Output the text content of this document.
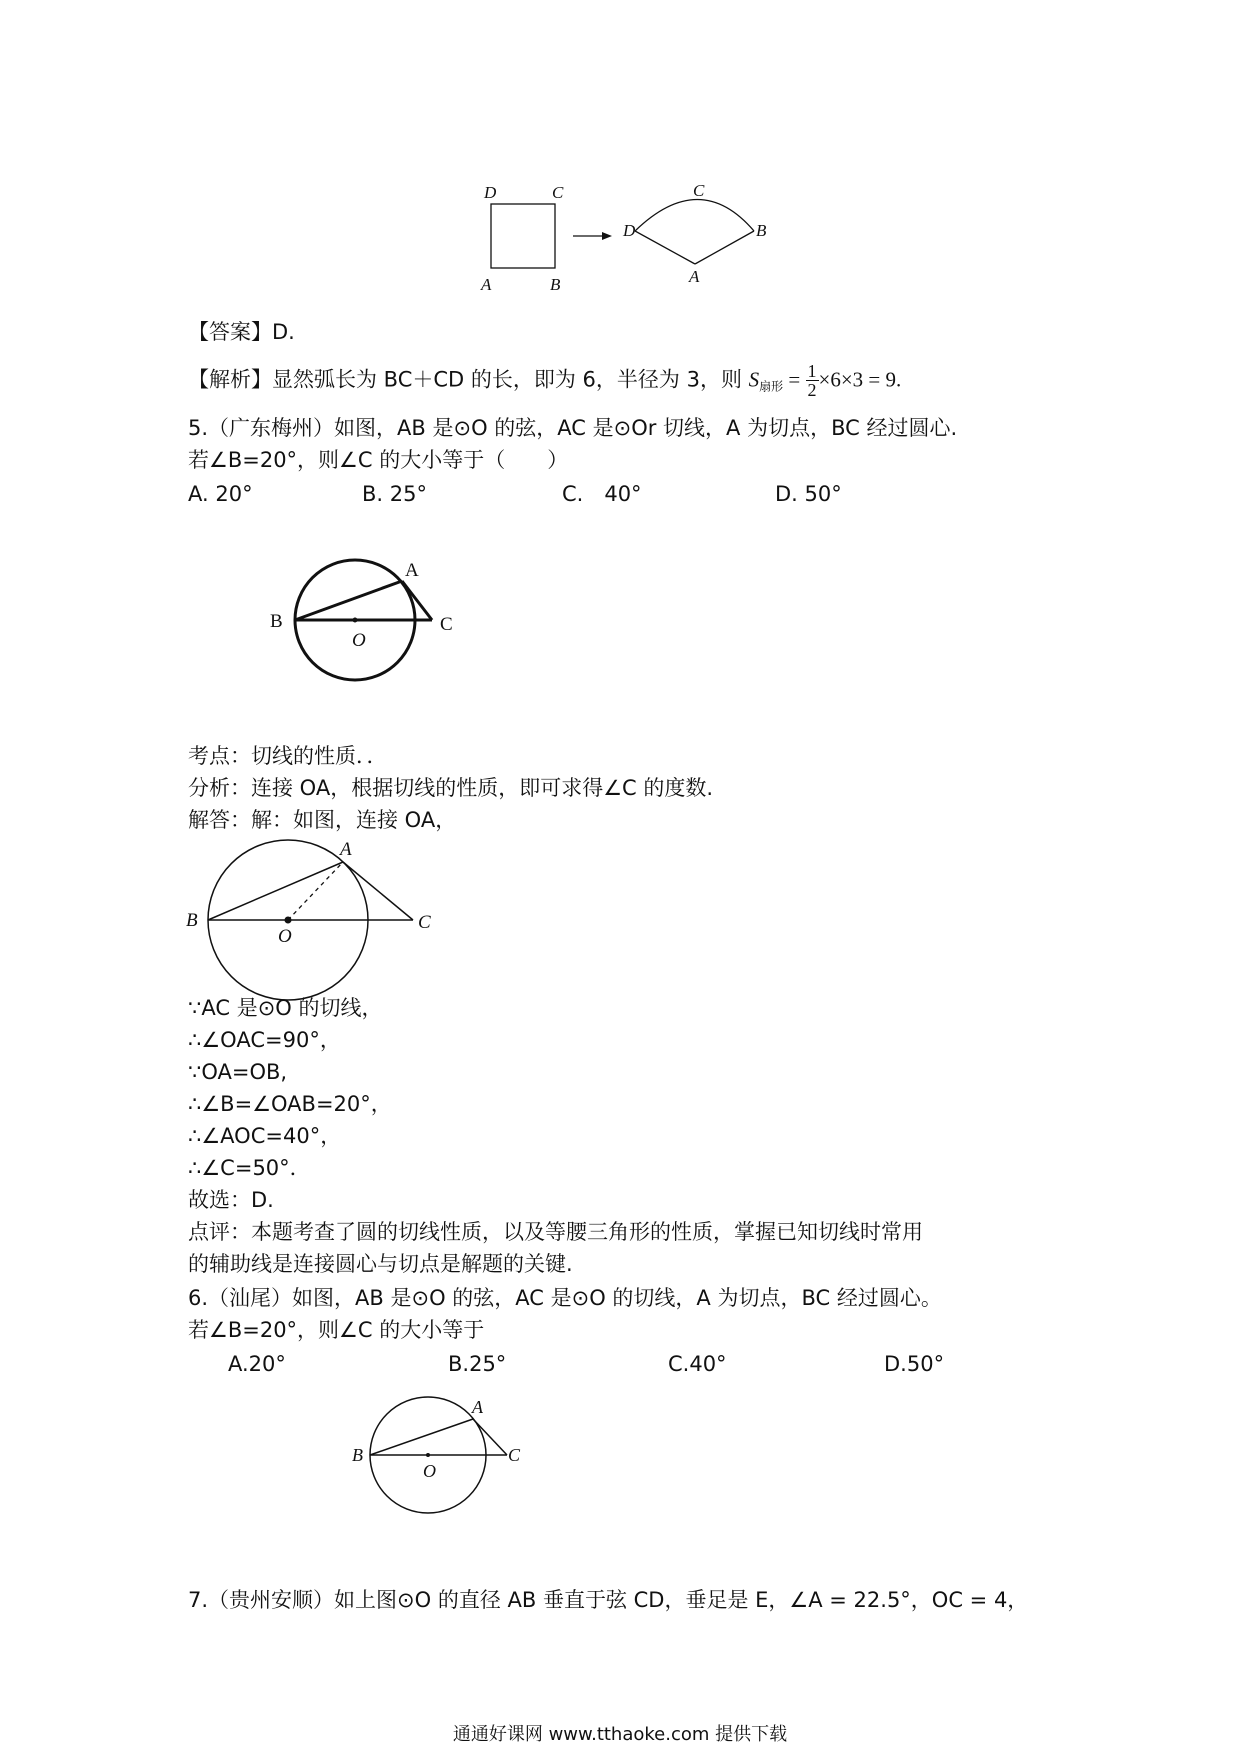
D	C
A	B
C
D	B
A
【答案】D.
【解析】显然弧长为 BC＋CD 的长，即为 6，半径为 3，则 $S_{扇形} = \frac{1}{2} \times 6\times 3 = 9$.
5.（广东梅州）如图，AB 是⊙O 的弦，AC 是⊙Or 切线，A 为切点，BC 经过圆心.
若∠B=20°，则∠C 的大小等于（　　）
A. 20°	B. 25°	C.　40°	D. 50°
A
B	C
O
考点：切线的性质．．
分析：连接 OA，根据切线的性质，即可求得∠C 的度数.
解答：解：如图，连接 OA，
A
B	C
O
∵AC 是⊙O 的切线，
∴∠OAC=90°，
∵OA=OB,
∴∠B=∠OAB=20°，
∴∠AOC=40°，
∴∠C=50°．
故选：D.
点评：本题考查了圆的切线性质，以及等腰三角形的性质，掌握已知切线时常用
的辅助线是连接圆心与切点是解题的关键.
6.（汕尾）如图，AB 是⊙O 的弦，AC 是⊙O 的切线，A 为切点，BC 经过圆心。
若∠B=20°，则∠C 的大小等于
A.20°	B.25°	C.40°	D.50°
A
B	C
O
7.（贵州安顺）如上图⊙O 的直径 AB 垂直于弦 CD，垂足是 E，∠A = 22.5°，OC = 4，
通通好课网 www.tthaoke.com 提供下载
